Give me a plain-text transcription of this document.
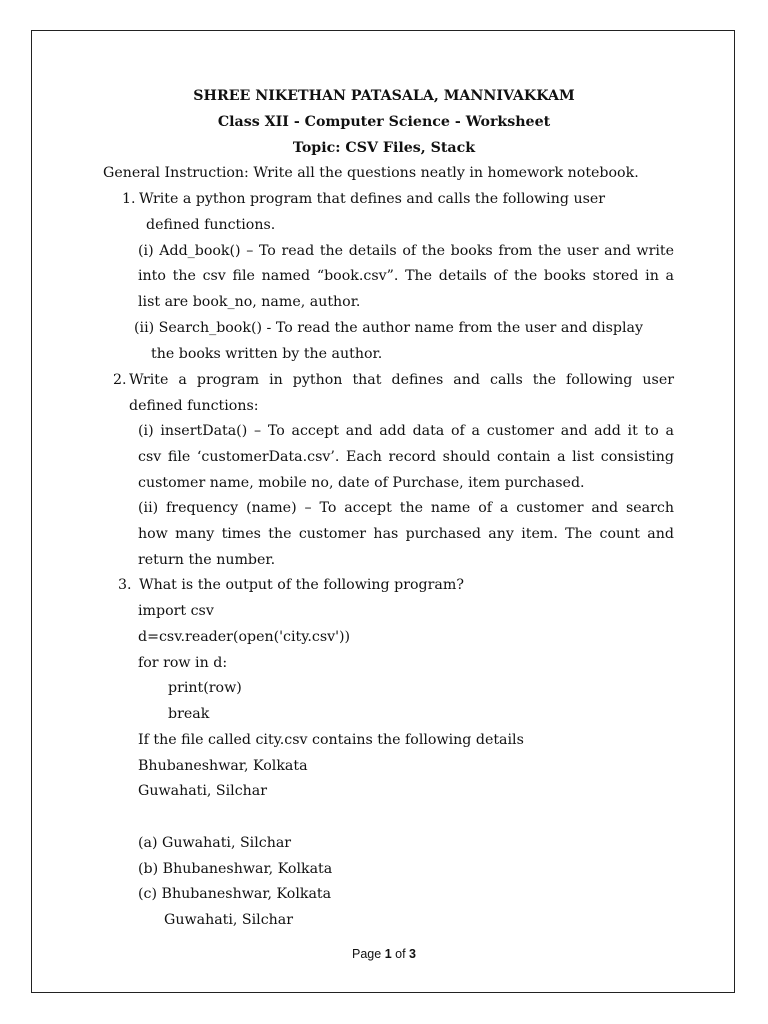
SHREE NIKETHAN PATASALA, MANNIVAKKAM
Class XII - Computer Science - Worksheet
Topic: CSV Files, Stack
General Instruction: Write all the questions neatly in homework notebook.
1. Write a python program that defines and calls the following user
defined functions.
(i) Add_book() – To read the details of the books from the user and write
into the csv file named “book.csv”. The details of the books stored in a
list are book_no, name, author.
(ii) Search_book() - To read the author name from the user and display
the books written by the author.
2. Write a program in python that defines and calls the following user
defined functions:
(i) insertData() – To accept and add data of a customer and add it to a
csv file ‘customerData.csv’. Each record should contain a list consisting
customer name, mobile no, date of Purchase, item purchased.
(ii) frequency (name) – To accept the name of a customer and search
how many times the customer has purchased any item. The count and
return the number.
3. What is the output of the following program?
import csv
d=csv.reader(open('city.csv'))
for row in d:
print(row)
break
If the file called city.csv contains the following details
Bhubaneshwar, Kolkata
Guwahati, Silchar
(a) Guwahati, Silchar
(b) Bhubaneshwar, Kolkata
(c) Bhubaneshwar, Kolkata
Guwahati, Silchar
Page 1 of 3
